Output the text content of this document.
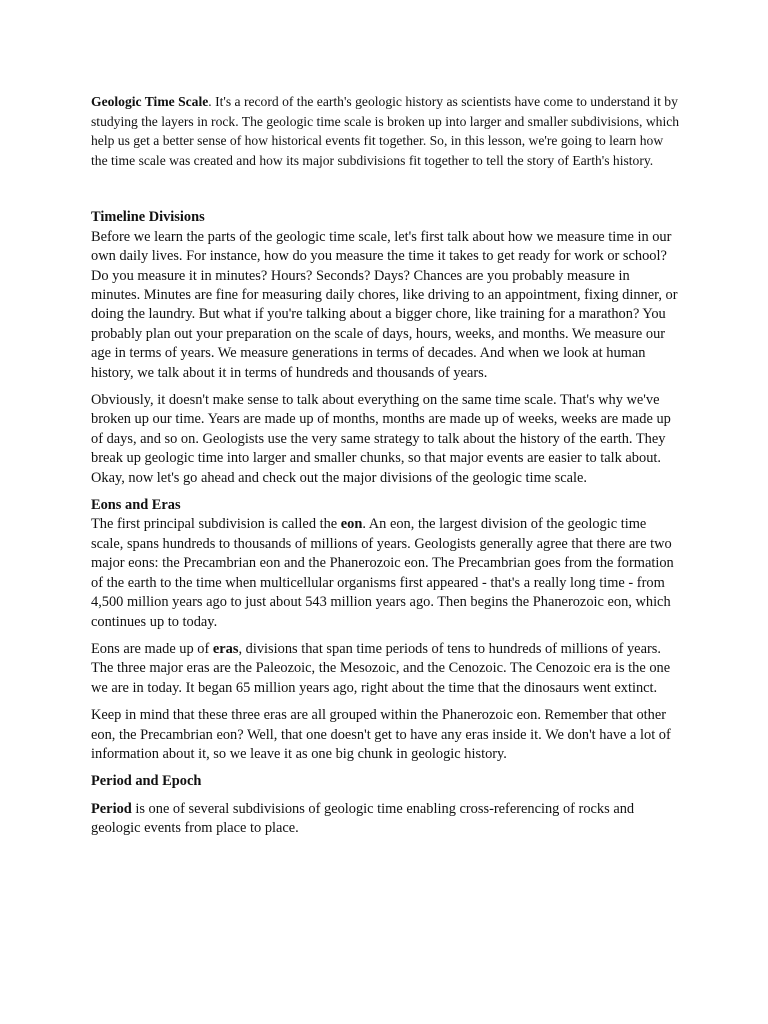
Geologic Time Scale. It's a record of the earth's geologic history as scientists have come to understand it by studying the layers in rock. The geologic time scale is broken up into larger and smaller subdivisions, which help us get a better sense of how historical events fit together. So, in this lesson, we're going to learn how the time scale was created and how its major subdivisions fit together to tell the story of Earth's history.

Timeline Divisions

Before we learn the parts of the geologic time scale, let's first talk about how we measure time in our own daily lives. For instance, how do you measure the time it takes to get ready for work or school? Do you measure it in minutes? Hours? Seconds? Days? Chances are you probably measure in minutes. Minutes are fine for measuring daily chores, like driving to an appointment, fixing dinner, or doing the laundry. But what if you're talking about a bigger chore, like training for a marathon? You probably plan out your preparation on the scale of days, hours, weeks, and months. We measure our age in terms of years. We measure generations in terms of decades. And when we look at human history, we talk about it in terms of hundreds and thousands of years.

Obviously, it doesn't make sense to talk about everything on the same time scale. That's why we've broken up our time. Years are made up of months, months are made up of weeks, weeks are made up of days, and so on. Geologists use the very same strategy to talk about the history of the earth. They break up geologic time into larger and smaller chunks, so that major events are easier to talk about. Okay, now let's go ahead and check out the major divisions of the geologic time scale.

Eons and Eras

The first principal subdivision is called the eon. An eon, the largest division of the geologic time scale, spans hundreds to thousands of millions of years. Geologists generally agree that there are two major eons: the Precambrian eon and the Phanerozoic eon. The Precambrian goes from the formation of the earth to the time when multicellular organisms first appeared - that's a really long time - from 4,500 million years ago to just about 543 million years ago. Then begins the Phanerozoic eon, which continues up to today.

Eons are made up of eras, divisions that span time periods of tens to hundreds of millions of years. The three major eras are the Paleozoic, the Mesozoic, and the Cenozoic. The Cenozoic era is the one we are in today. It began 65 million years ago, right about the time that the dinosaurs went extinct.

Keep in mind that these three eras are all grouped within the Phanerozoic eon. Remember that other eon, the Precambrian eon? Well, that one doesn't get to have any eras inside it. We don't have a lot of information about it, so we leave it as one big chunk in geologic history.

Period and Epoch

Period is one of several subdivisions of geologic time enabling cross-referencing of rocks and geologic events from place to place.
